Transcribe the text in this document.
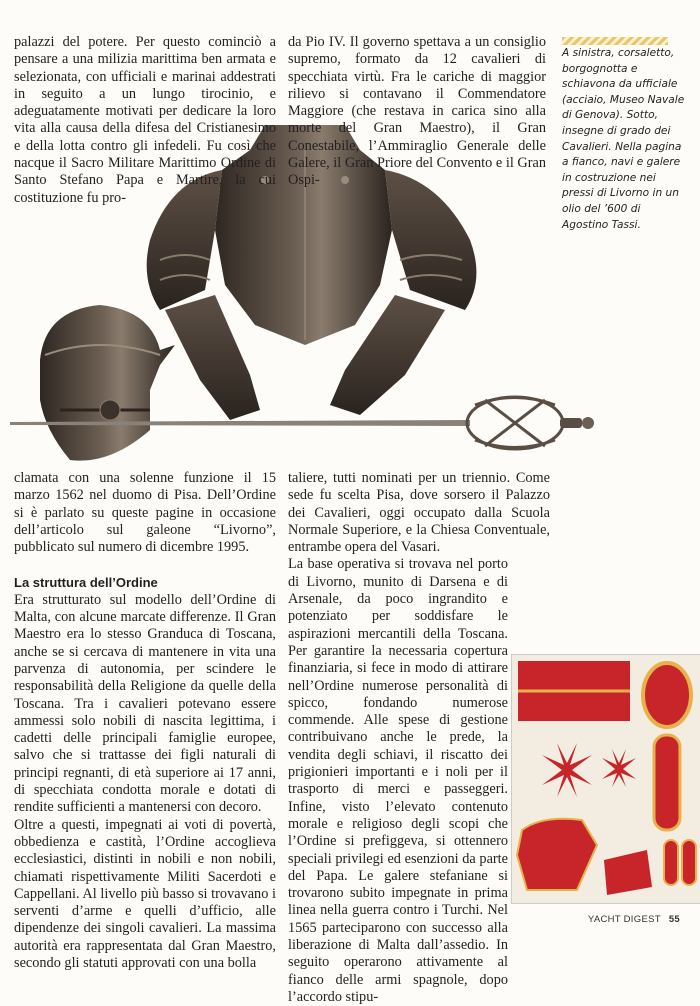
palazzi del potere. Per questo cominciò a pensare a una milizia marittima ben armata e selezionata, con ufficiali e marinai addestrati in seguito a un lungo tirocinio, e adeguatamente motivati per dedicare la loro vita alla causa della difesa del Cristianesimo e della lotta contro gli infedeli. Fu così che nacque il Sacro Militare Marittimo Ordine di Santo Stefano Papa e Martire, la cui costituzione fu pro-

da Pio IV. Il governo spettava a un consiglio supremo, formato da 12 cavalieri di specchiata virtù. Fra le cariche di maggior rilievo si contavano il Commendatore Maggiore (che restava in carica sino alla morte del Gran Maestro), il Gran Conestabile, l’Ammiraglio Generale delle Galere, il Gran Priore del Convento e il Gran Ospi-

A sinistra, corsaletto, borgognotta e schiavona da ufficiale (acciaio, Museo Navale di Genova). Sotto, insegne di grado dei Cavalieri. Nella pagina a fianco, navi e galere in costruzione nei pressi di Livorno in un olio del ’600 di Agostino Tassi.

clamata con una solenne funzione il 15 marzo 1562 nel duomo di Pisa. Dell’Ordine si è parlato su queste pagine in occasione dell’articolo sul galeone “Livorno”, pubblicato sul numero di dicembre 1995.

La struttura dell’Ordine

Era strutturato sul modello dell’Ordine di Malta, con alcune marcate differenze. Il Gran Maestro era lo stesso Granduca di Toscana, anche se si cercava di mantenere in vita una parvenza di autonomia, per scindere le responsabilità della Religione da quelle della Toscana. Tra i cavalieri potevano essere ammessi solo nobili di nascita legittima, i cadetti delle principali famiglie europee, salvo che si trattasse dei figli naturali di principi regnanti, di età superiore ai 17 anni, di specchiata condotta morale e dotati di rendite sufficienti a mantenersi con decoro.

Oltre a questi, impegnati ai voti di povertà, obbedienza e castità, l’Ordine accoglieva ecclesiastici, distinti in nobili e non nobili, chiamati rispettivamente Militi Sacerdoti e Cappellani. Al livello più basso si trovavano i serventi d’arme e quelli d’ufficio, alle dipendenze dei singoli cavalieri. La massima autorità era rappresentata dal Gran Maestro, secondo gli statuti approvati con una bolla

taliere, tutti nominati per un triennio. Come sede fu scelta Pisa, dove sorsero il Palazzo dei Cavalieri, oggi occupato dalla Scuola Normale Superiore, e la Chiesa Conventuale, entrambe opera del Vasari.

La base operativa si trovava nel porto di Livorno, munito di Darsena e di Arsenale, da poco ingrandito e potenziato per soddisfare le aspirazioni mercantili della Toscana. Per garantire la necessaria copertura finanziaria, si fece in modo di attirare nell’Ordine numerose personalità di spicco, fondando numerose commende. Alle spese di gestione contribuivano anche le prede, la vendita degli schiavi, il riscatto dei prigionieri importanti e i noli per il trasporto di merci e passeggeri. Infine, visto l’elevato contenuto morale e religioso degli scopi che l’Ordine si prefiggeva, si ottennero speciali privilegi ed esenzioni da parte del Papa. Le galere stefaniane si trovarono subito impegnate in prima linea nella guerra contro i Turchi. Nel 1565 parteciparono con successo alla liberazione di Malta dall’assedio. In seguito operarono attivamente al fianco delle armi spagnole, dopo l’accordo stipu-

YACHT DIGEST 55
